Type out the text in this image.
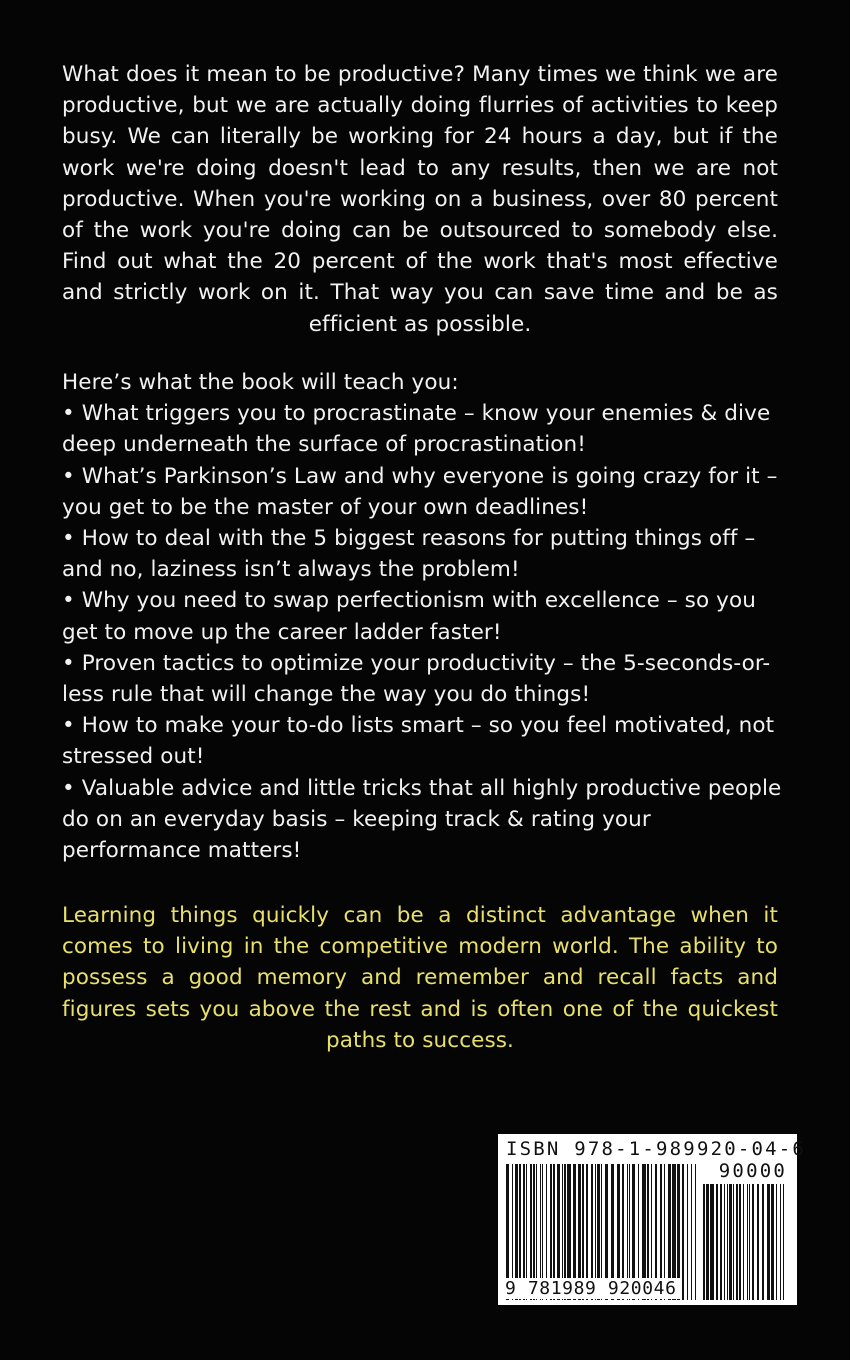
What does it mean to be productive? Many times we think we are productive, but we are actually doing flurries of activities to keep busy. We can literally be working for 24 hours a day, but if the work we're doing doesn't lead to any results, then we are not productive. When you're working on a business, over 80 percent of the work you're doing can be outsourced to somebody else. Find out what the 20 percent of the work that's most effective and strictly work on it. That way you can save time and be as efficient as possible.

Here’s what the book will teach you:

• What triggers you to procrastinate – know your enemies & dive deep underneath the surface of procrastination!
• What’s Parkinson’s Law and why everyone is going crazy for it – you get to be the master of your own deadlines!
• How to deal with the 5 biggest reasons for putting things off – and no, laziness isn’t always the problem!
• Why you need to swap perfectionism with excellence – so you get to move up the career ladder faster!
• Proven tactics to optimize your productivity – the 5-seconds-or-less rule that will change the way you do things!
• How to make your to-do lists smart – so you feel motivated, not stressed out!
• Valuable advice and little tricks that all highly productive people do on an everyday basis – keeping track & rating your performance matters!

Learning things quickly can be a distinct advantage when it comes to living in the competitive modern world. The ability to possess a good memory and remember and recall facts and figures sets you above the rest and is often one of the quickest paths to success.

ISBN 978-1-989920-04-6
90000
9 781989 920046
